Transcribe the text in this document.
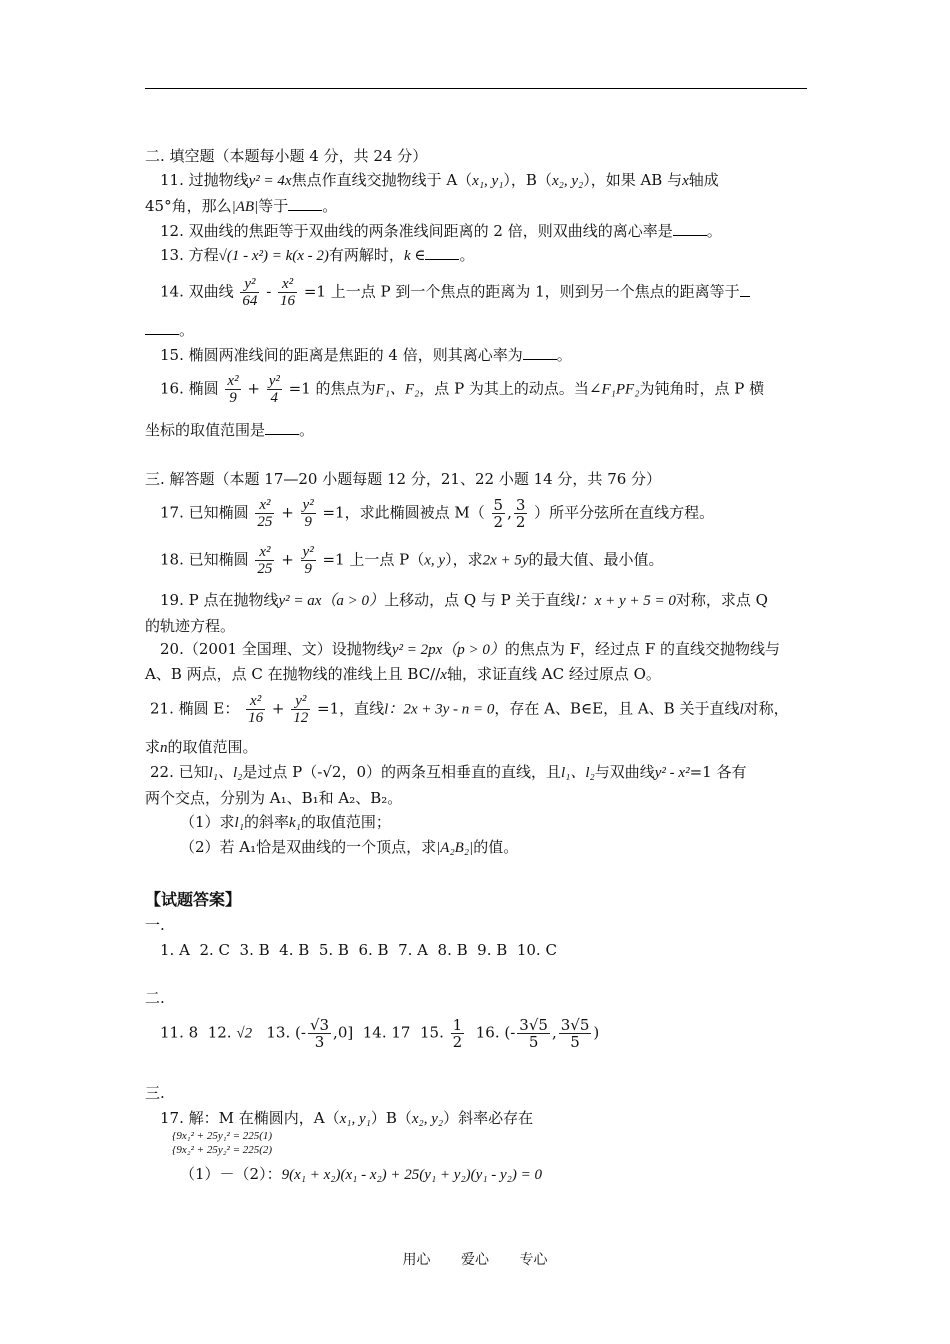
二. 填空题（本题每小题 4 分，共 24 分）
11. 过抛物线y² = 4x焦点作直线交抛物线于 A（x₁, y₁），B（x₂, y₂），如果 AB 与x轴成
45°角，那么|AB|等于 。
12. 双曲线的焦距等于双曲线的两条准线间距离的 2 倍，则双曲线的离心率是 。
13. 方程√(1 - x²) = k(x - 2)有两解时，k ∈ 。
14. 双曲线 $\frac{\text{y²}}{64} - \frac{\text{x²}}{16} =1$ 上一点 P 到一个焦点的距离为 1，则到另一个焦点的距离等于
。
15. 椭圆两准线间的距离是焦距的 4 倍，则其离心率为 。
16. 椭圆 $\frac{\text{x²}}{9} + \frac{\text{y²}}{4} =1$ 的焦点为F₁、F₂，点 P 为其上的动点。当∠F₁PF₂为钝角时，点 P 横
坐标的取值范围是 。
三. 解答题（本题 17—20 小题每题 12 分，21、22 小题 14 分，共 76 分）
17. 已知椭圆 $\frac{\text{x²}}{25} + \frac{\text{y²}}{9} =1$，求此椭圆被点 $M( \frac{5}{2}$ , $\frac{3}{2}$ ）所平分弦所在直线方程。
18. 已知椭圆 $\frac{\text{x²}}{25} + \frac{\text{y²}}{9} =1$ 上一点 P（x, y），求2x + 5y的最大值、最小值。
19. P 点在抛物线y² = ax（a > 0）上移动，点 Q 与 P 关于直线l：x + y + 5 = 0对称，求点 Q
的轨迹方程。
20.（2001 全国理、文）设抛物线y² = 2px（p > 0）的焦点为 F，经过点 F 的直线交抛物线与
A、B 两点，点 C 在抛物线的准线上且 BC//x轴，求证直线 AC 经过原点 O。
21. 椭圆 E： $\frac{\text{x²}}{16} + \frac{\text{y²}}{12} =1$，直线l：2x + 3y - n = 0，存在 A、B∈E，且 A、B 关于直线l对称，
求n的取值范围。
22. 已知l₁、l₂是过点 P（-√2，0）的两条互相垂直的直线，且l₁、l₂与双曲线y² - x²=1 各有
两个交点，分别为 A₁、B₁和 A₂、B₂。
（1）求l₁的斜率k₁的取值范围；
（2）若 A₁恰是双曲线的一个顶点，求|A₂B₂|的值。
【试题答案】
一.
1. A  2. C  3. B  4. B  5. B  6. B  7. A  8. B  9. B  10. C
二.
11. 8  12. √2 13. (- $\frac{√3}{3} ,0$]  14. 17  15. $\frac{1}{2} 16$. (- $\frac{3√5}{5}$ , $\frac{3√5}{5}$ )
三.
17. 解：M 在椭圆内，A（x₁, y₁）B（x₂, y₂）斜率必存在
{9x₁² + 25y₁² = 225(1)
{9x₂² + 25y₂² = 225(2)
（1）－（2）：9(x₁ + x₂)(x₁ - x₂) + 25(y₁ + y₂)(y₁ - y₂) = 0
用心 爱心 专心
